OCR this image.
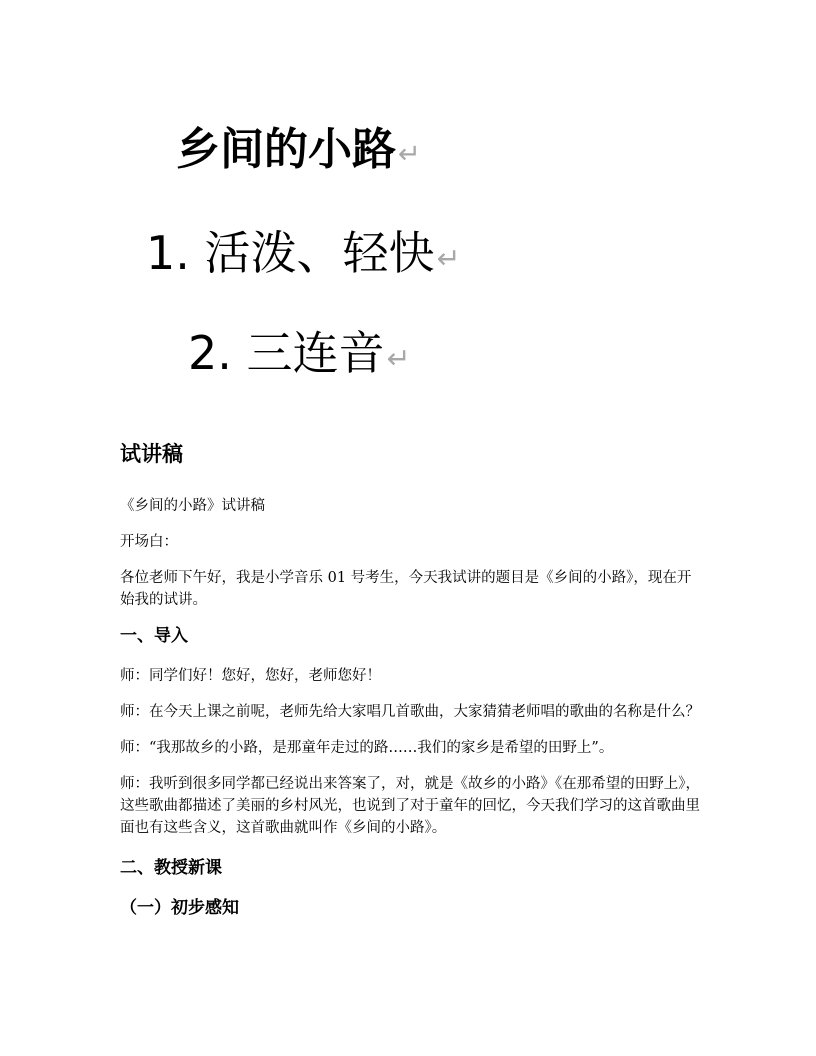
乡间的小路↵
1. 活泼、轻快↵
2. 三连音↵
试讲稿

《乡间的小路》试讲稿

开场白：

各位老师下午好，我是小学音乐 01 号考生，今天我试讲的题目是《乡间的小路》，现在开始我的试讲。

一、导入

师：同学们好！您好，您好，老师您好！

师：在今天上课之前呢，老师先给大家唱几首歌曲，大家猜猜老师唱的歌曲的名称是什么？

师：“我那故乡的小路，是那童年走过的路……我们的家乡是希望的田野上”。

师：我听到很多同学都已经说出来答案了，对，就是《故乡的小路》《在那希望的田野上》，这些歌曲都描述了美丽的乡村风光，也说到了对于童年的回忆，今天我们学习的这首歌曲里面也有这些含义，这首歌曲就叫作《乡间的小路》。

二、教授新课
（一）初步感知
